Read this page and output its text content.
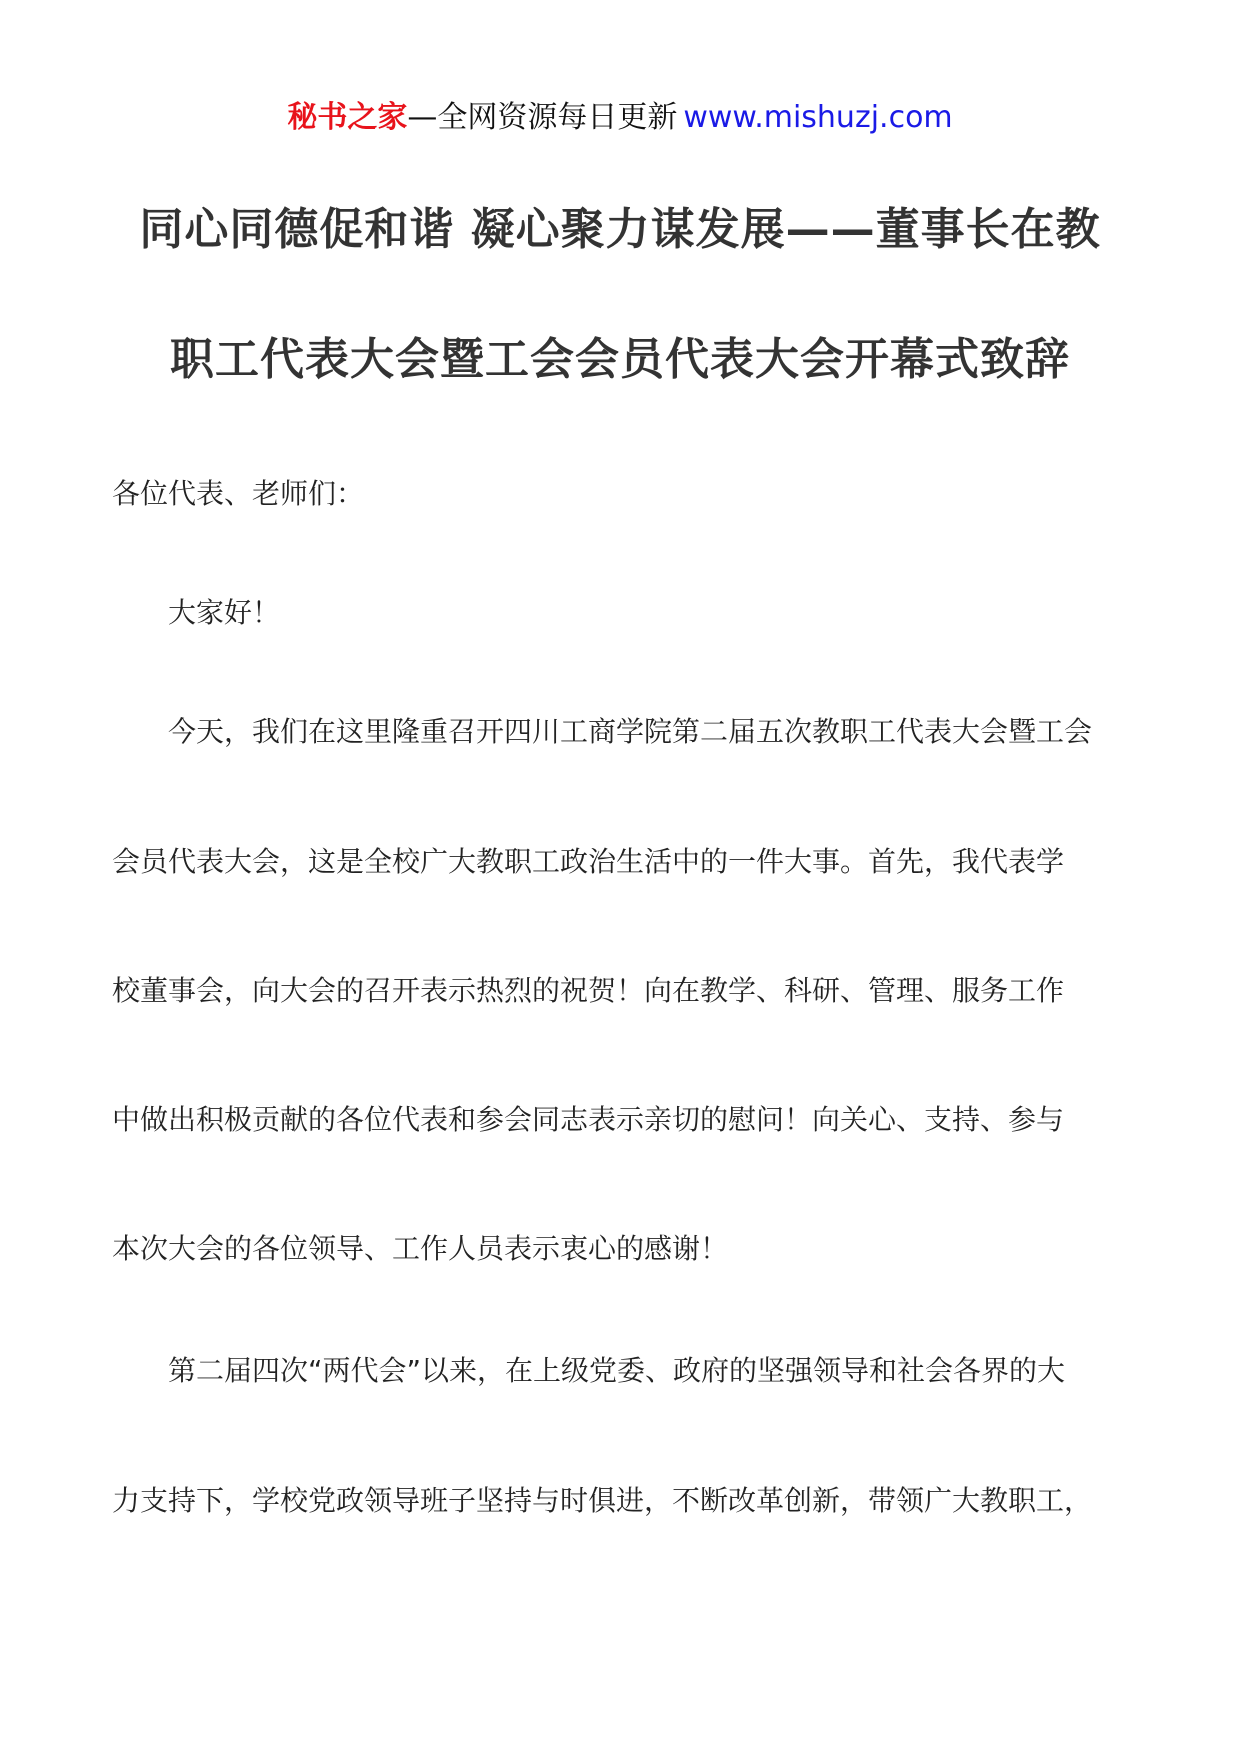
秘书之家—全网资源每日更新 www.mishuzj.com
同心同德促和谐 凝心聚力谋发展——董事长在教
职工代表大会暨工会会员代表大会开幕式致辞
各位代表、老师们：
　　大家好！
　　今天，我们在这里隆重召开四川工商学院第二届五次教职工代表大会暨工会
会员代表大会，这是全校广大教职工政治生活中的一件大事。首先，我代表学
校董事会，向大会的召开表示热烈的祝贺！向在教学、科研、管理、服务工作
中做出积极贡献的各位代表和参会同志表示亲切的慰问！向关心、支持、参与
本次大会的各位领导、工作人员表示衷心的感谢！
　　第二届四次“两代会”以来，在上级党委、政府的坚强领导和社会各界的大
力支持下，学校党政领导班子坚持与时俱进，不断改革创新，带领广大教职工，
